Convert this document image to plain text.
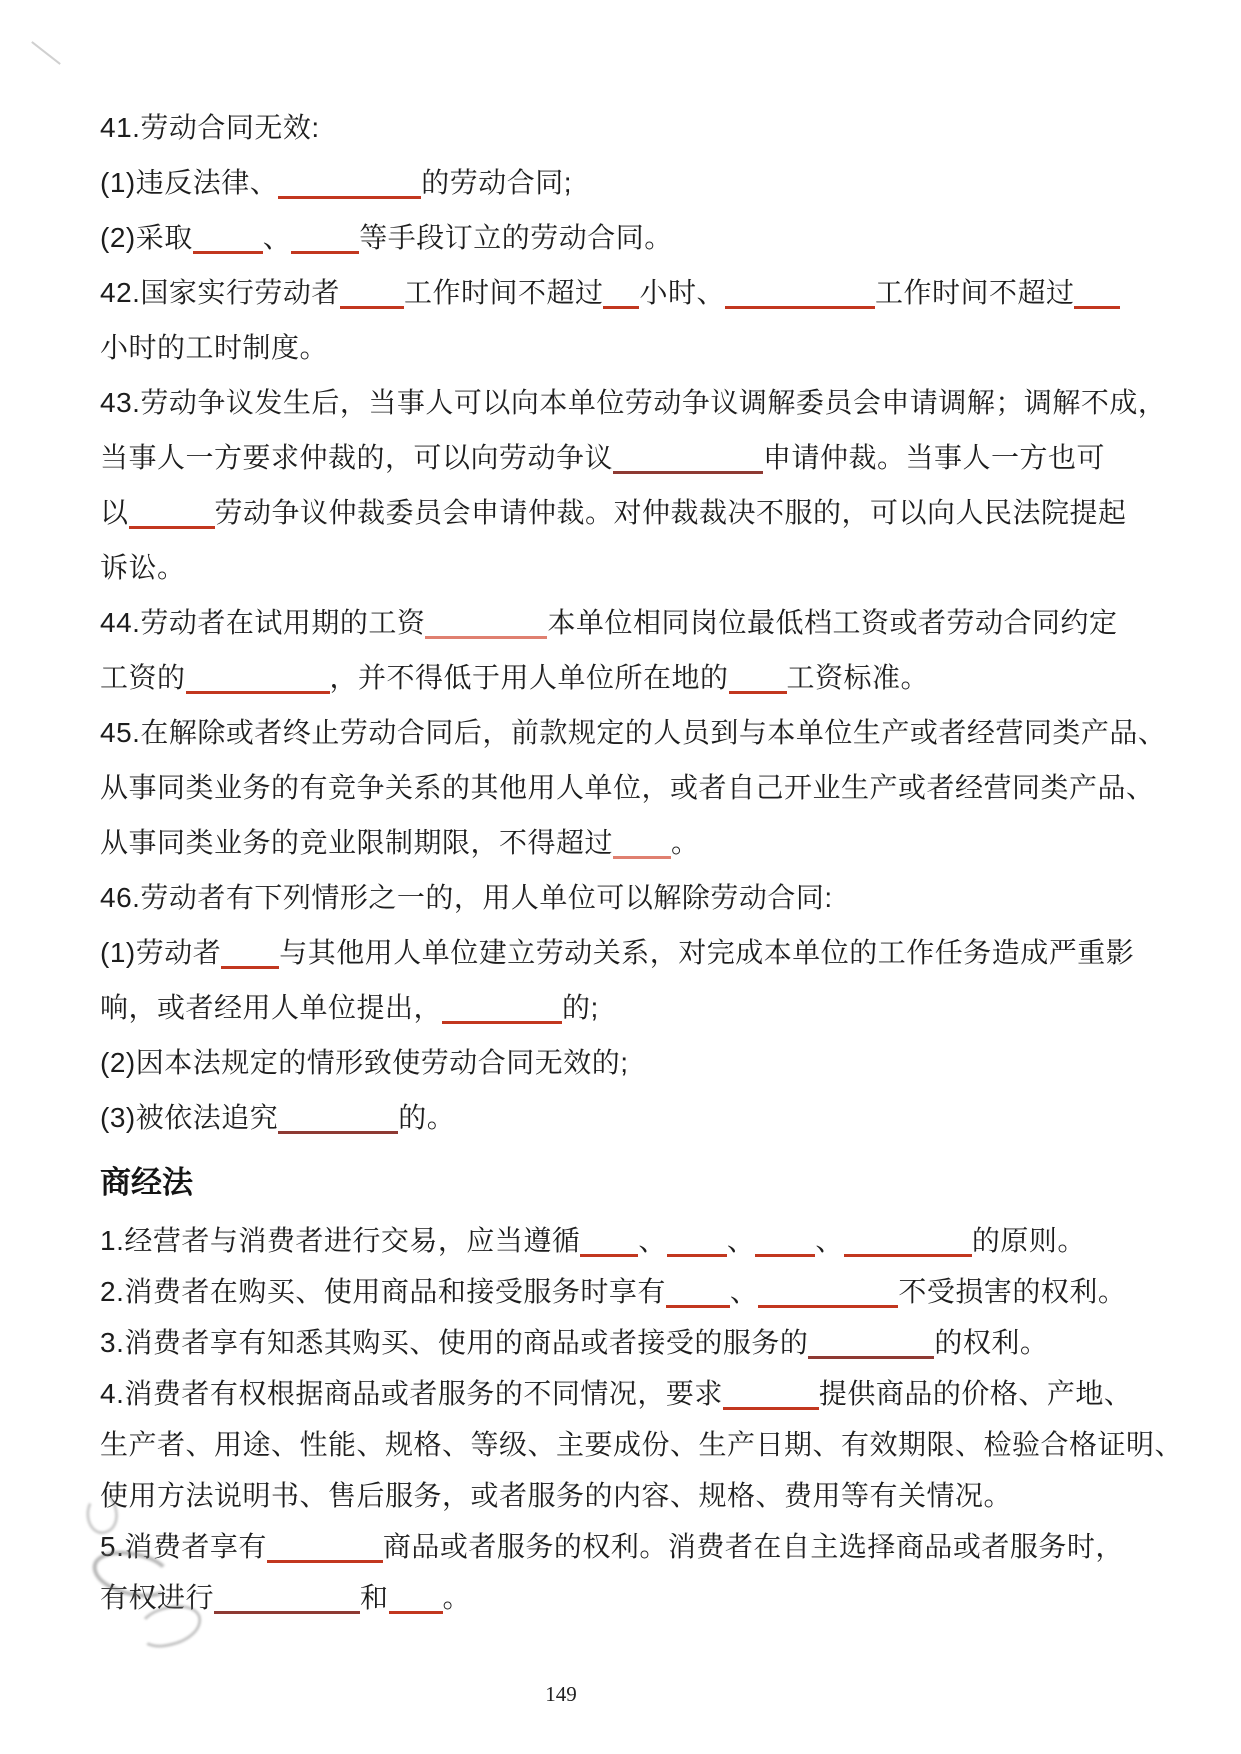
41.劳动合同无效:
(1)违反法律、	的劳动合同;
(2)采取	、 等手段订立的劳动合同。
42.国家实行劳动者 工作时间不超过 小时、	工作时间不超过
小时的工时制度。
43.劳动争议发生后，当事人可以向本单位劳动争议调解委员会申请调解；调解不成，
当事人一方要求仲裁的，可以向劳动争议	申请仲裁。当事人一方也可
以	劳动争议仲裁委员会申请仲裁。对仲裁裁决不服的，可以向人民法院提起
诉讼。
44.劳动者在试用期的工资	本单位相同岗位最低档工资或者劳动合同约定
工资的	，并不得低于用人单位所在地的 工资标准。
45.在解除或者终止劳动合同后，前款规定的人员到与本单位生产或者经营同类产品、
从事同类业务的有竞争关系的其他用人单位，或者自己开业生产或者经营同类产品、
从事同类业务的竞业限制期限，不得超过 。
46.劳动者有下列情形之一的，用人单位可以解除劳动合同:
(1)劳动者 与其他用人单位建立劳动关系，对完成本单位的工作任务造成严重影
响，或者经用人单位提出，	的;
(2)因本法规定的情形致使劳动合同无效的;
(3)被依法追究	的。
商经法
1.经营者与消费者进行交易，应当遵循 、 、 、	的原则。
2.消费者在购买、使用商品和接受服务时享有 、	不受损害的权利。
3.消费者享有知悉其购买、使用的商品或者接受的服务的	的权利。
4.消费者有权根据商品或者服务的不同情况，要求	提供商品的价格、产地、
生产者、用途、性能、规格、等级、主要成份、生产日期、有效期限、检验合格证明、
使用方法说明书、售后服务，或者服务的内容、规格、费用等有关情况。
5.消费者享有	商品或者服务的权利。消费者在自主选择商品或者服务时，
有权进行	和 。
149
